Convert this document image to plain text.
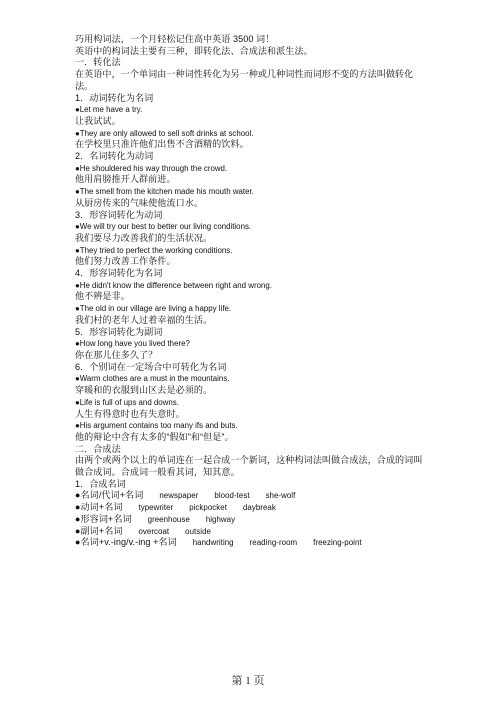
巧用构词法，一个月轻松记住高中英语 3500 词！
英语中的构词法主要有三种，即转化法、合成法和派生法。
一．转化法
在英语中，一个单词由一种词性转化为另一种或几种词性而词形不变的方法叫做转化法。
1．动词转化为名词
●Let me have a try.
让我试试。
●They are only allowed to sell soft drinks at school.
在学校里只准许他们出售不含酒精的饮料。
2．名词转化为动词
●He shouldered his way through the crowd.
他用肩膀推开人群前进。
●The smell from the kitchen made his mouth water.
从厨房传来的气味使他流口水。
3．形容词转化为动词
●We will try our best to better our living conditions.
我们要尽力改善我们的生活状况。
●They tried to perfect the working conditions.
他们努力改善工作条件。
4．形容词转化为名词
●He didn't know the difference between right and wrong.
他不辨是非。
●The old in our village are living a happy life.
我们村的老年人过着幸福的生活。
5．形容词转化为副词
●How long have you lived there?
你在那儿住多久了？
6．个别词在一定场合中可转化为名词
●Warm clothes are a must in the mountains.
穿暖和的衣服到山区去是必须的。
●Life is full of ups and downs.
人生有得意时也有失意时。
●His argument contains too many ifs and buts.
他的辩论中含有太多的“假如”和“但是”。
二．合成法
由两个或两个以上的单词连在一起合成一个新词，这种构词法叫做合成法，合成的词叫做合成词。合成词一般看其词，知其意。
1．合成名词
●名词/代词+名词 newspaper blood-test she-wolf
●动词+名词 typewriter pickpocket daybreak
●形容词+名词 greenhouse highway
●副词+名词 overcoat outside
●名词+v.-ing/v.-ing +名词 handwriting reading-room freezing-point
第 1 页
